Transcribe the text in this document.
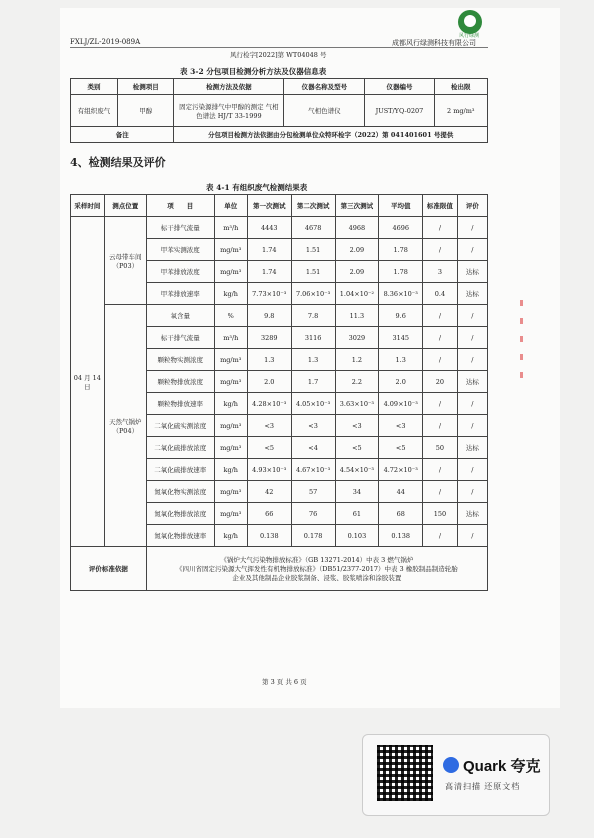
FXLJ/ZL-2019-089A
风行绿测
成都风行绿测科技有限公司
风行检字[2022]第 WT04048 号
表 3-2 分包项目检测分析方法及仪器信息表
类别	检测项目	检测方法及依据	仪器名称及型号	仪器编号	检出限
有组织废气	甲醇	固定污染源排气中甲醇的测定 气相色谱法 HJ/T 33-1999	气相色谱仪	JUST/YQ-0207	2 mg/m³
备注		分包项目检测方法依据由分包检测单位众特环检字（2022）第 041401601 号提供			
4、检测结果及评价
表 4-1 有组织废气检测结果表
采样时间	测点位置	项　　目	单位	第一次测试	第二次测试	第三次测试	平均值	标准限值	评价
04 月 14 日	云母带车间（P03）	标干排气流量	m³/h	4443	4678	4968	4696	/	/
		甲苯实测浓度	mg/m³	1.74	1.51	2.09	1.78	/	/
		甲苯排放浓度	mg/m³	1.74	1.51	2.09	1.78	3	达标
		甲苯排放速率	kg/h	7.73×10⁻³	7.06×10⁻³	1.04×10⁻²	8.36×10⁻³	0.4	达标
	天然气锅炉（P04）	氧含量	%	9.8	7.8	11.3	9.6	/	/
		标干排气流量	m³/h	3289	3116	3029	3145	/	/
		颗粒物实测浓度	mg/m³	1.3	1.3	1.2	1.3	/	/
		颗粒物排放浓度	mg/m³	2.0	1.7	2.2	2.0	20	达标
		颗粒物排放速率	kg/h	4.28×10⁻³	4.05×10⁻³	3.63×10⁻³	4.09×10⁻³	/	/
		二氧化硫实测浓度	mg/m³	<3	<3	<3	<3	/	/
		二氧化硫排放浓度	mg/m³	<5	<4	<5	<5	50	达标
		二氧化硫排放速率	kg/h	4.93×10⁻³	4.67×10⁻³	4.54×10⁻³	4.72×10⁻³	/	/
		氮氧化物实测浓度	mg/m³	42	57	34	44	/	/
		氮氧化物排放浓度	mg/m³	66	76	61	68	150	达标
		氮氧化物排放速率	kg/h	0.138	0.178	0.103	0.138	/	/
评价标准依据		《锅炉大气污染物排放标准》（GB 13271-2014）中表 3 燃气锅炉
《四川省固定污染源大气挥发性有机物排放标准》（DB51/2377-2017）中表 3 橡胶制品制造轮胎
企业及其他制品企业胶浆制备、浸浆、胶浆喷涂和涂胶装置							
第 3 页 共 6 页
Quark 夸克
高清扫描 还原文档
